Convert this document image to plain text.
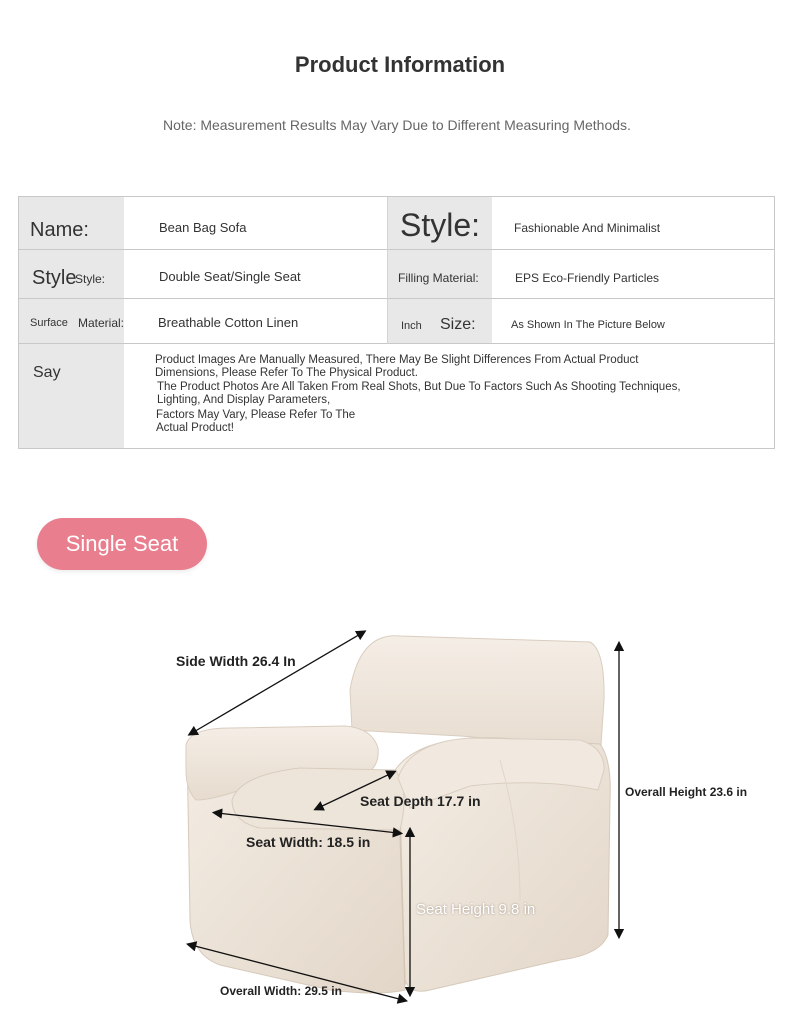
Product Information
Note: Measurement Results May Vary Due to Different Measuring Methods.
Name:	Bean Bag Sofa	Style:	Fashionable And Minimalist
Style
Style:	Double Seat/Single Seat	Filling Material:	EPS Eco-Friendly Particles
Surface Material:	Breathable Cotton Linen	Inch Size:	As Shown In The Picture Below
Say
Product Images Are Manually Measured, There May Be Slight Differences From Actual Product
Dimensions, Please Refer To The Physical Product.
The Product Photos Are All Taken From Real Shots, But Due To Factors Such As Shooting Techniques,
Lighting, And Display Parameters,
Factors May Vary, Please Refer To The
Actual Product!
Single Seat
Side Width 26.4 In
Seat Depth 17.7 in
Seat Width: 18.5 in
Overall Height 23.6 in
Seat Height 9.8 in
Overall Width: 29.5 in
